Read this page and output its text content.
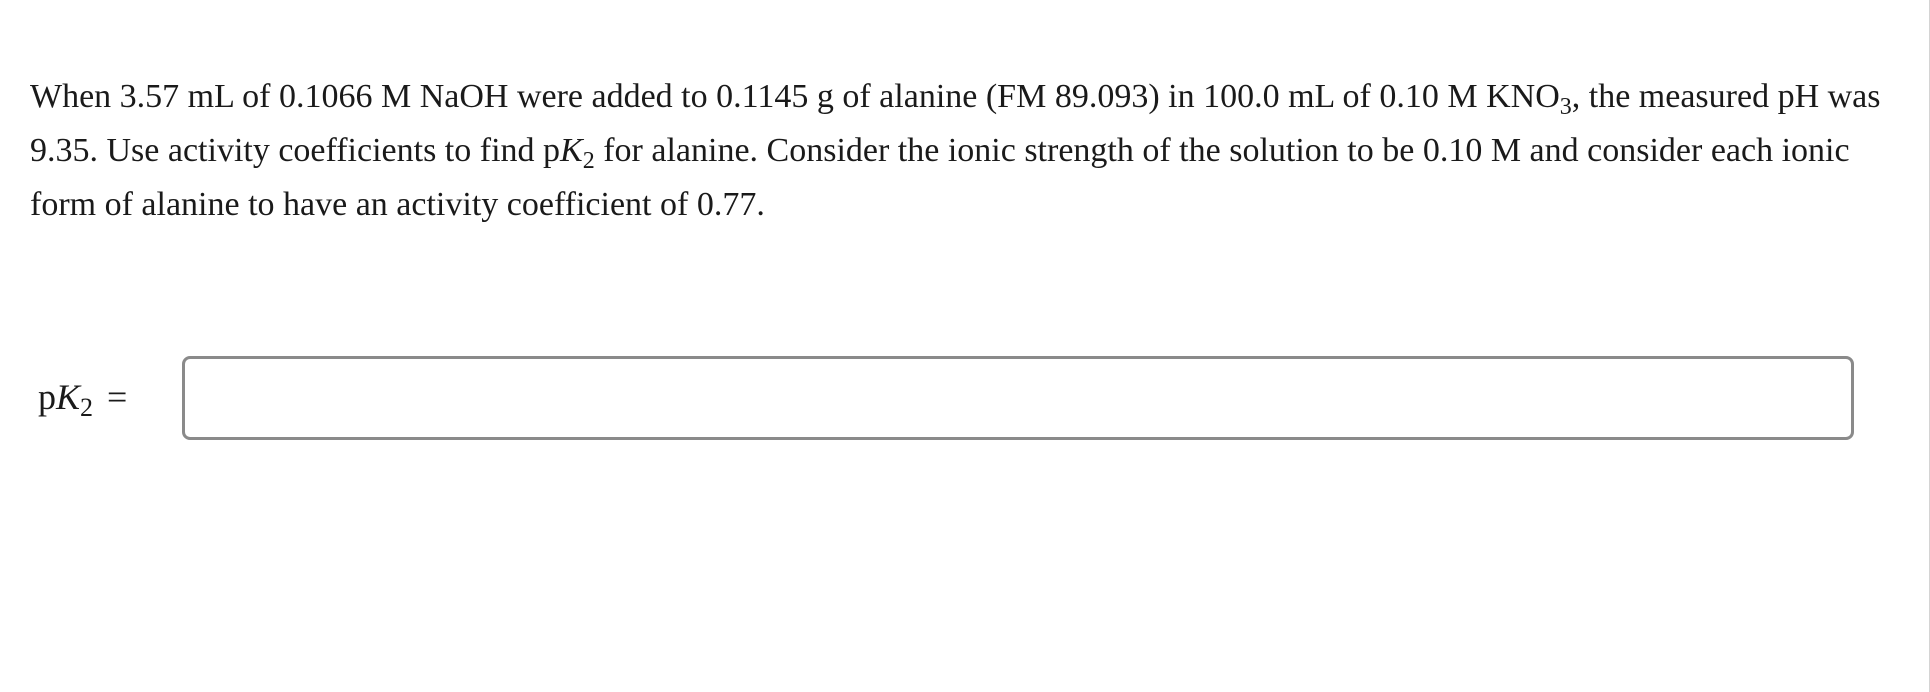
When 3.57 mL of 0.1066 M NaOH were added to 0.1145 g of alanine (FM 89.093) in 100.0 mL of 0.10 M $KNO_3$, the measured pH was 9.35. Use activity coefficients to find $pK_2$ for alanine. Consider the ionic strength of the solution to be 0.10 M and consider each ionic form of alanine to have an activity coefficient of 0.77.

$pK_2$ =
